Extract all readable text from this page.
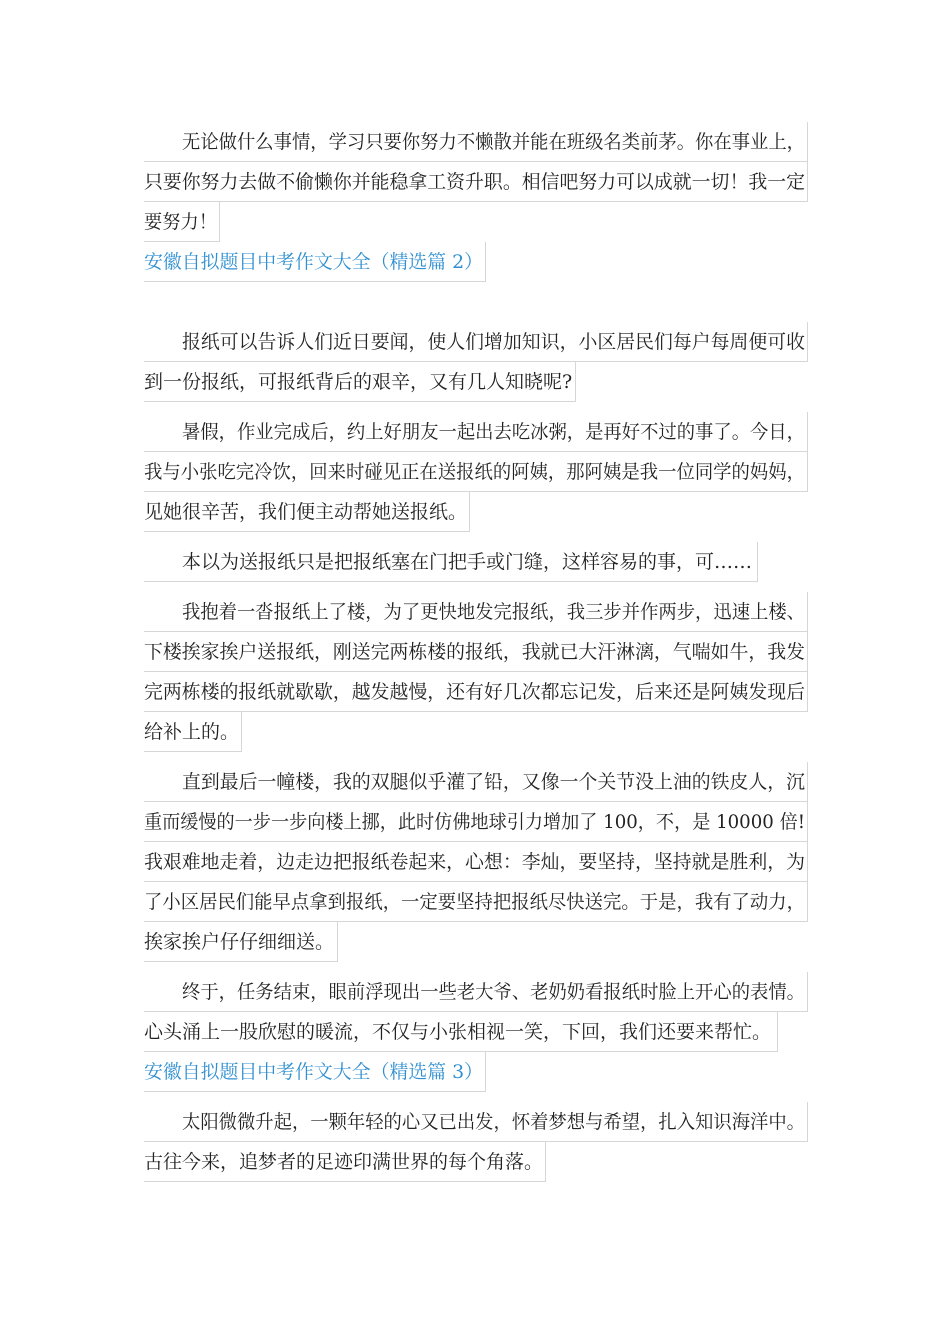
无论做什么事情，学习只要你努力不懒散并能在班级名类前茅。你在事业上，
只要你努力去做不偷懒你并能稳拿工资升职。相信吧努力可以成就一切！我一定
要努力！
安徽自拟题目中考作文大全（精选篇 2）
报纸可以告诉人们近日要闻，使人们增加知识，小区居民们每户每周便可收
到一份报纸，可报纸背后的艰辛，又有几人知晓呢?
暑假，作业完成后，约上好朋友一起出去吃冰粥，是再好不过的事了。今日，
我与小张吃完冷饮，回来时碰见正在送报纸的阿姨，那阿姨是我一位同学的妈妈，
见她很辛苦，我们便主动帮她送报纸。
本以为送报纸只是把报纸塞在门把手或门缝，这样容易的事，可……
我抱着一沓报纸上了楼，为了更快地发完报纸，我三步并作两步，迅速上楼、
下楼挨家挨户送报纸，刚送完两栋楼的报纸，我就已大汗淋漓，气喘如牛，我发
完两栋楼的报纸就歇歇，越发越慢，还有好几次都忘记发，后来还是阿姨发现后
给补上的。
直到最后一幢楼，我的双腿似乎灌了铅，又像一个关节没上油的铁皮人，沉
重而缓慢的一步一步向楼上挪，此时仿佛地球引力增加了 100，不，是 10000 倍!
我艰难地走着，边走边把报纸卷起来，心想：李灿，要坚持，坚持就是胜利，为
了小区居民们能早点拿到报纸，一定要坚持把报纸尽快送完。于是，我有了动力，
挨家挨户仔仔细细送。
终于，任务结束，眼前浮现出一些老大爷、老奶奶看报纸时脸上开心的表情。
心头涌上一股欣慰的暖流，不仅与小张相视一笑，下回，我们还要来帮忙。
安徽自拟题目中考作文大全（精选篇 3）
太阳微微升起，一颗年轻的心又已出发，怀着梦想与希望，扎入知识海洋中。
古往今来，追梦者的足迹印满世界的每个角落。
